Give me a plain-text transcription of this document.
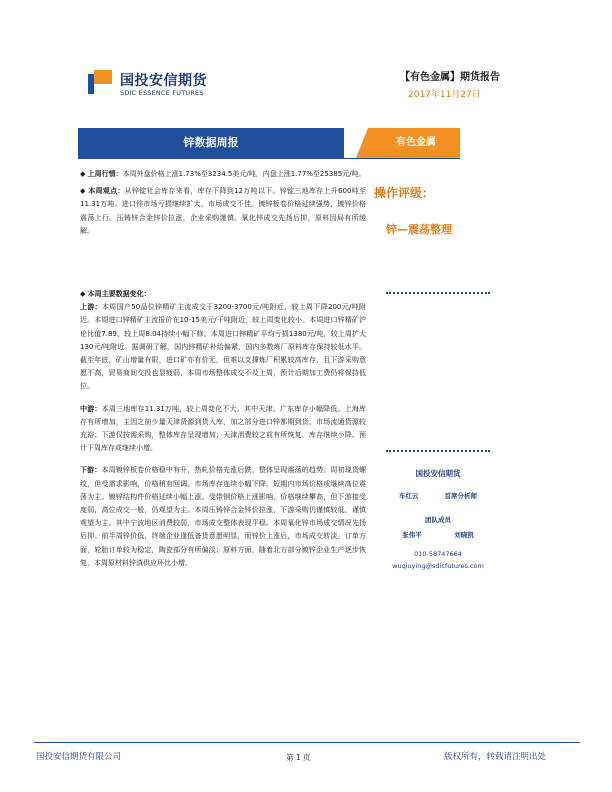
国投安信期货
SDIC ESSENCE FUTURES
【有色金属】期货报告
2017年11月27日
锌数据周报	有色金属

◆ 上周行情：本周外盘价格上涨1.73%至3234.5美元/吨，内盘上涨1.77%至25385元/吨。

◆ 本周观点：从锌锭社会库存来看，库存下降到12万吨以下。锌锭三地库存上升600吨至11.31万吨。进口锌市场亏损继续扩大，市场成交不佳。镀锌板卷价格延续强势，镀锌价格震荡上行。压铸锌合金锌价拉涨，企业采购谨慎。氧化锌成交先扬后抑，原料因局有所缓解。

◆ 本周主要数据变化：

上游：本周国产50品位锌精矿主流成交于3200-3700元/吨附近，较上周下降200元/吨附近。本周进口锌精矿主流报价在10-15美元/干吨附近，较上周变化较小。本周进口锌精矿沪伦比值7.89，较上周8.04持续小幅下修。本周进口锌精矿平均亏损1380元/吨，较上周扩大130元/吨附近。据调研了解，国内锌精矿补给偏紧，国内多数炼厂原料库存保持较低水平。截至年底，矿山增量有限，进口矿亦有价无，但难以支撑炼厂积累较高库存，且下游采购意愿不高，贸易商间交投也显疲弱，本周市场整体成交不及上周，预计后期加工费仍将保持低位。

中游：本周三地库存11.31万吨，较上周变化不大。其中天津、广东库存小幅降低。上海库存有所增加，主因之前少量天津货源到货入库，加之部分进口锌都期到货，市场流通货源较充裕；下游仅按需采购，整体库存呈现增加；天津消费较之前有所恢复，库存继续小降。预计下周库存或继续小增。

下游：本周镀锌板卷价格稳中有升，热轧价格先涨后跌，整体呈现震荡的趋势。周初现货螺纹，但受需求影响，价格稍有回调。市场库存连续小幅下降，短期内市场价格或继续高位震荡为主。镀锌结构件价格延续小幅上涨。受带钢价格上涨影响，价格继续攀高，但下游接受度弱，高位成交一般，仍观望为主。本周压铸锌合金锌价拉涨，下游采购仍谨慎较低，谨慎观望为主。其中宁波地区消费较弱，市场成交整体表现平稳。本周氧化锌市场成交情况先扬后抑。前半周锌价低，终端企业逢低备货意愿明显，而锌价上涨后，市场成交转淡。订单方面，轮胎订单较为稳定，陶瓷部分有所偏淡；原料方面，随着北方部分镀锌企业生产逐步恢复，本周原材料锌渣供应环比小增。

操作评级：
锌—震荡整理
国投安信期货
车红云	首席分析师
团队成员
张伟平	刘晓凯
010-58747664
wuqiuying@sdicfutures.com
国投安信期货有限公司	第 1 页	版权所有，转载请注明出处
